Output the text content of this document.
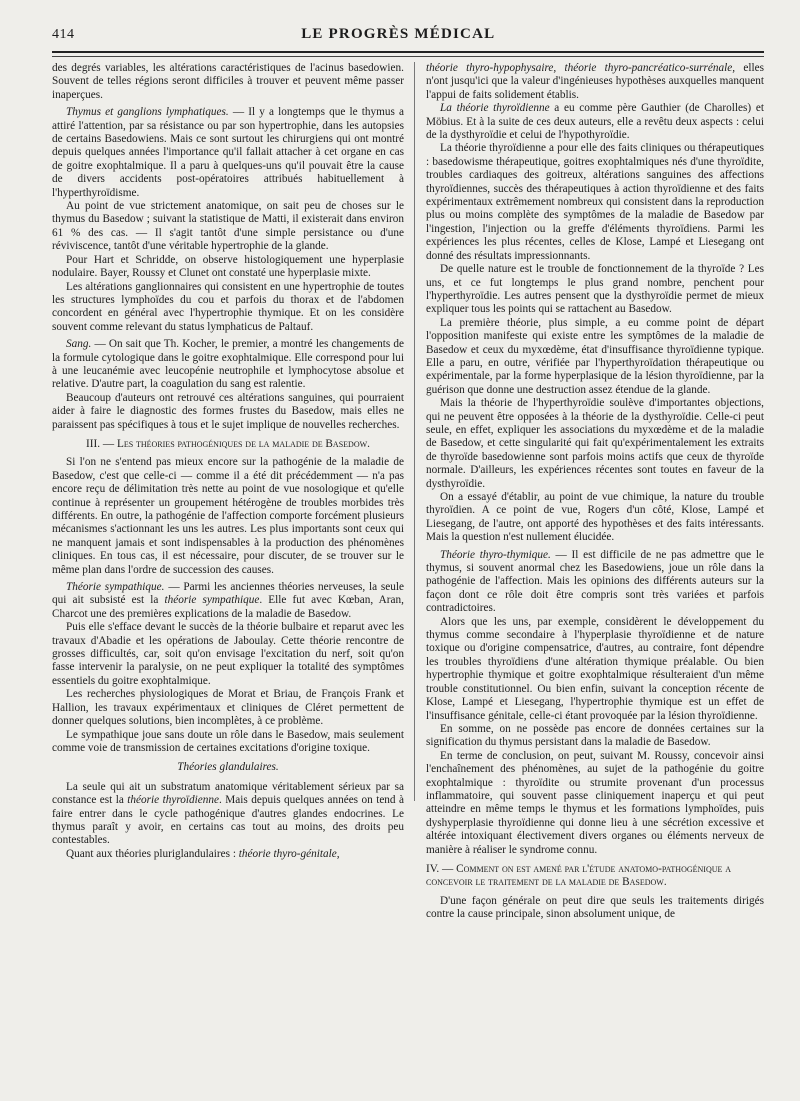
414	LE PROGRÈS MÉDICAL

des degrés variables, les altérations caractéristiques de l'acinus basedowien. Souvent de telles régions seront difficiles à trouver et peuvent même passer inaperçues.

Thymus et ganglions lymphatiques. — Il y a longtemps que le thymus a attiré l'attention, par sa résistance ou par son hypertrophie, dans les autopsies de certains Basedowiens. Mais ce sont surtout les chirurgiens qui ont montré depuis quelques années l'importance qu'il fallait attacher à cet organe en cas de goitre exophtalmique. Il a paru à quelques-uns qu'il pouvait être la cause de divers accidents post-opératoires attribués habituellement à l'hyperthyroïdisme.

Au point de vue strictement anatomique, on sait peu de choses sur le thymus du Basedow ; suivant la statistique de Matti, il existerait dans environ 61 % des cas. — Il s'agit tantôt d'une simple persistance ou d'une réviviscence, tantôt d'une véritable hypertrophie de la glande.

Pour Hart et Schridde, on observe histologiquement une hyperplasie nodulaire. Bayer, Roussy et Clunet ont constaté une hyperplasie mixte.

Les altérations ganglionnaires qui consistent en une hypertrophie de toutes les structures lymphoïdes du cou et parfois du thorax et de l'abdomen concordent en général avec l'hypertrophie thymique. Et on les considère souvent comme relevant du status lymphaticus de Paltauf.

Sang. — On sait que Th. Kocher, le premier, a montré les changements de la formule cytologique dans le goitre exophtalmique. Elle correspond pour lui à une leucanémie avec leucopénie neutrophile et lymphocytose absolue et relative. D'autre part, la coagulation du sang est ralentie.

Beaucoup d'auteurs ont retrouvé ces altérations sanguines, qui pourraient aider à faire le diagnostic des formes frustes du Basedow, mais elles ne paraissent pas spécifiques à tous et le sujet implique de nouvelles recherches.

III. — Les théories pathogéniques de la maladie de Basedow.

Si l'on ne s'entend pas mieux encore sur la pathogénie de la maladie de Basedow, c'est que celle-ci — comme il a été dit précédemment — n'a pas encore reçu de délimitation très nette au point de vue nosologique et qu'elle continue à représenter un groupement hétérogène de troubles morbides très différents. En outre, la pathogénie de l'affection comporte forcément plusieurs mécanismes s'actionnant les uns les autres. Les plus importants sont ceux qui ne manquent jamais et sont indispensables à la production des phénomènes cliniques. En tous cas, il est nécessaire, pour discuter, de se trouver sur le même plan dans l'ordre de succession des causes.

Théorie sympathique. — Parmi les anciennes théories nerveuses, la seule qui ait subsisté est la théorie sympathique. Elle fut avec Kœban, Aran, Charcot une des premières explications de la maladie de Basedow.

Puis elle s'efface devant le succès de la théorie bulbaire et reparut avec les travaux d'Abadie et les opérations de Jaboulay. Cette théorie rencontre de grosses difficultés, car, soit qu'on envisage l'excitation du nerf, soit qu'on fasse intervenir la paralysie, on ne peut expliquer la totalité des symptômes essentiels du goitre exophtalmique.

Les recherches physiologiques de Morat et Briau, de François Frank et Hallion, les travaux expérimentaux et cliniques de Cléret permettent de donner quelques solutions, bien incomplètes, à ce problème.

Le sympathique joue sans doute un rôle dans le Basedow, mais seulement comme voie de transmission de certaines excitations d'origine toxique.

Théories glandulaires.

La seule qui ait un substratum anatomique véritablement sérieux par sa constance est la théorie thyroïdienne. Mais depuis quelques années on tend à faire entrer dans le cycle pathogénique d'autres glandes endocrines. Le thymus paraît y avoir, en certains cas tout au moins, des droits peu contestables.

Quant aux théories pluriglandulaires : théorie thyro-génitale,

théorie thyro-hypophysaire, théorie thyro-pancréatico-surrénale, elles n'ont jusqu'ici que la valeur d'ingénieuses hypothèses auxquelles manquent l'appui de faits solidement établis.

La théorie thyroïdienne a eu comme père Gauthier (de Charolles) et Möbius. Et à la suite de ces deux auteurs, elle a revêtu deux aspects : celui de la dysthyroïdie et celui de l'hypothyroïdie.

La théorie thyroïdienne a pour elle des faits cliniques ou thérapeutiques : basedowisme thérapeutique, goitres exophtalmiques nés d'une thyroïdite, troubles cardiaques des goitreux, altérations sanguines des affections thyroïdiennes, succès des thérapeutiques à action thyroïdienne et des faits expérimentaux extrêmement nombreux qui consistent dans la reproduction plus ou moins complète des symptômes de la maladie de Basedow par l'ingestion, l'injection ou la greffe d'éléments thyroïdiens. Parmi les expériences les plus récentes, celles de Klose, Lampé et Liesegang ont donné des résultats impressionnants.

De quelle nature est le trouble de fonctionnement de la thyroïde ? Les uns, et ce fut longtemps le plus grand nombre, penchent pour l'hyperthyroïdie. Les autres pensent que la dysthyroïdie permet de mieux expliquer tous les points qui se rattachent au Basedow.

La première théorie, plus simple, a eu comme point de départ l'opposition manifeste qui existe entre les symptômes de la maladie de Basedow et ceux du myxœdème, état d'insuffisance thyroïdienne typique. Elle a paru, en outre, vérifiée par l'hyperthyroïdation thérapeutique ou expérimentale, par la forme hyperplasique de la lésion thyroïdienne, par la guérison que donne une destruction assez étendue de la glande.

Mais la théorie de l'hyperthyroïdie soulève d'importantes objections, qui ne peuvent être opposées à la théorie de la dysthyroïdie. Celle-ci peut seule, en effet, expliquer les associations du myxœdème et de la maladie de Basedow, et cette singularité qui fait qu'expérimentalement les extraits de thyroïde basedowienne sont parfois moins actifs que ceux de thyroïde normale. D'ailleurs, les expériences récentes sont toutes en faveur de la dysthyroïdie.

On a essayé d'établir, au point de vue chimique, la nature du trouble thyroïdien. A ce point de vue, Rogers d'un côté, Klose, Lampé et Liesegang, de l'autre, ont apporté des hypothèses et des faits intéressants. Mais la question n'est nullement élucidée.

Théorie thyro-thymique. — Il est difficile de ne pas admettre que le thymus, si souvent anormal chez les Basedowiens, joue un rôle dans la pathogénie de l'affection. Mais les opinions des différents auteurs sur la façon dont ce rôle doit être compris sont très variées et parfois contradictoires.

Alors que les uns, par exemple, considèrent le développement du thymus comme secondaire à l'hyperplasie thyroïdienne et de nature toxique ou d'origine compensatrice, d'autres, au contraire, font dépendre les troubles thyroïdiens d'une altération thymique préalable. Ou bien hypertrophie thymique et goitre exophtalmique résulteraient d'un même trouble constitutionnel. Ou bien enfin, suivant la conception récente de Klose, Lampé et Liesegang, l'hypertrophie thymique est un effet de l'insuffisance génitale, celle-ci étant provoquée par la lésion thyroïdienne.

En somme, on ne possède pas encore de données certaines sur la signification du thymus persistant dans la maladie de Basedow.

En terme de conclusion, on peut, suivant M. Roussy, concevoir ainsi l'enchaînement des phénomènes, au sujet de la pathogénie du goitre exophtalmique : thyroïdite ou strumite provenant d'un processus inflammatoire, qui souvent passe cliniquement inaperçu et qui peut atteindre en même temps le thymus et les formations lymphoïdes, puis dyshyperplasie thyroïdienne qui donne lieu à une sécrétion excessive et altérée intoxiquant électivement divers organes ou éléments nerveux de manière à réaliser le syndrome connu.

IV. — Comment on est amené par l'étude anatomo-pathogénique a concevoir le traitement de la maladie de Basedow.

D'une façon générale on peut dire que seuls les traitements dirigés contre la cause principale, sinon absolument unique, de
